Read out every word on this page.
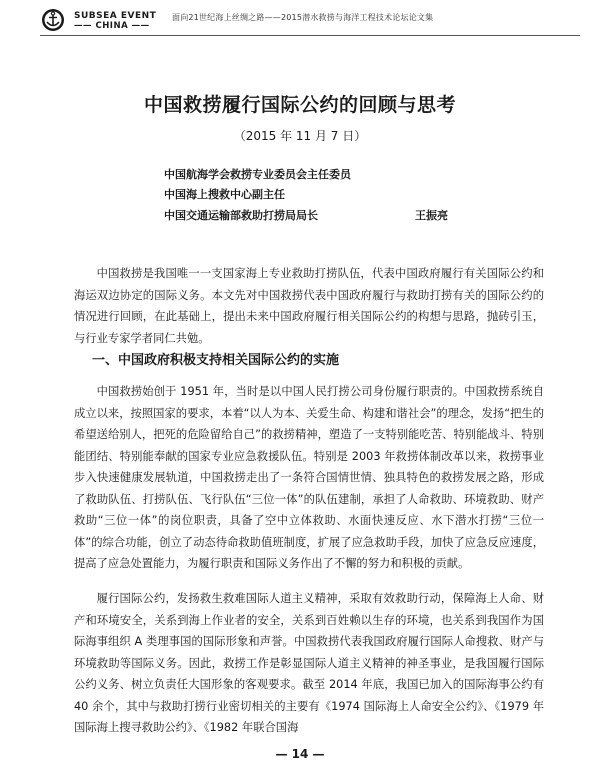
SUBSEA EVENT
—— CHINA ——
面向21世纪海上丝绸之路——2015潜水救捞与海洋工程技术论坛论文集
中国救捞履行国际公约的回顾与思考
（2015 年 11 月 7 日）
中国航海学会救捞专业委员会主任委员
中国海上搜救中心副主任
中国交通运输部救助打捞局局长	王振亮

中国救捞是我国唯一一支国家海上专业救助打捞队伍，代表中国政府履行有关国际公约和海运双边协定的国际义务。本文先对中国救捞代表中国政府履行与救助打捞有关的国际公约的情况进行回顾，在此基础上，提出未来中国政府履行相关国际公约的构想与思路，抛砖引玉，与行业专家学者同仁共勉。

一、中国政府积极支持相关国际公约的实施

中国救捞始创于 1951 年，当时是以中国人民打捞公司身份履行职责的。中国救捞系统自成立以来，按照国家的要求，本着“以人为本、关爱生命、构建和谐社会”的理念，发扬“把生的希望送给别人，把死的危险留给自己”的救捞精神，塑造了一支特别能吃苦、特别能战斗、特别能团结、特别能奉献的国家专业应急救援队伍。特别是 2003 年救捞体制改革以来，救捞事业步入快速健康发展轨道，中国救捞走出了一条符合国情世情、独具特色的救捞发展之路，形成了救助队伍、打捞队伍、飞行队伍“三位一体”的队伍建制，承担了人命救助、环境救助、财产救助“三位一体”的岗位职责，具备了空中立体救助、水面快速反应、水下潜水打捞“三位一体”的综合功能，创立了动态待命救助值班制度，扩展了应急救助手段，加快了应急反应速度，提高了应急处置能力，为履行职责和国际义务作出了不懈的努力和积极的贡献。

履行国际公约，发扬救生救难国际人道主义精神，采取有效救助行动，保障海上人命、财产和环境安全，关系到海上作业者的安全，关系到百姓赖以生存的环境，也关系到我国作为国际海事组织 A 类理事国的国际形象和声誉。中国救捞代表我国政府履行国际人命搜救、财产与环境救助等国际义务。因此，救捞工作是彰显国际人道主义精神的神圣事业，是我国履行国际公约义务、树立负责任大国形象的客观要求。截至 2014 年底，我国已加入的国际海事公约有 40 余个，其中与救助打捞行业密切相关的主要有《1974 国际海上人命安全公约》、《1979 年国际海上搜寻救助公约》、《1982 年联合国海

— 14 —
